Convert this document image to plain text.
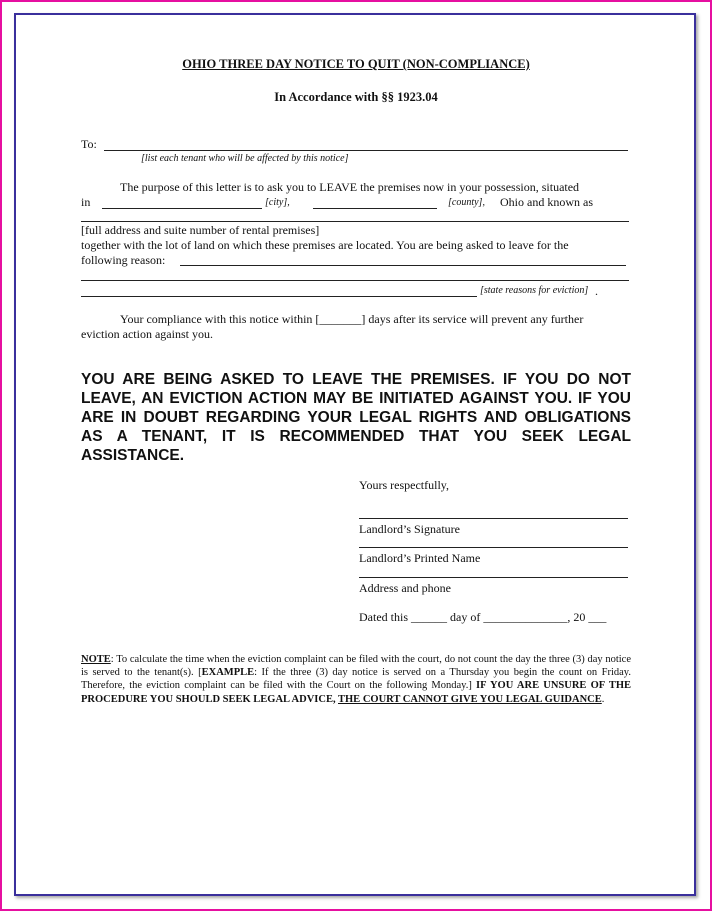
OHIO THREE DAY NOTICE TO QUIT (NON-COMPLIANCE)
In Accordance with §§ 1923.04
To:
[list each tenant who will be affected by this notice]
The purpose of this letter is to ask you to LEAVE the premises now in your possession, situated
in	[city],	[county], Ohio and known as
[full address and suite number of rental premises]
together with the lot of land on which these premises are located. You are being asked to leave for the
following reason:
[state reasons for eviction] .
Your compliance with this notice within [_______] days after its service will prevent any further
eviction action against you.
YOU ARE BEING ASKED TO LEAVE THE PREMISES. IF YOU DO NOT LEAVE, AN EVICTION ACTION MAY BE INITIATED AGAINST YOU. IF YOU ARE IN DOUBT REGARDING YOUR LEGAL RIGHTS AND OBLIGATIONS AS A TENANT, IT IS RECOMMENDED THAT YOU SEEK LEGAL ASSISTANCE.
Yours respectfully,
Landlord’s Signature
Landlord’s Printed Name
Address and phone
Dated this ______ day of ______________, 20 ___
NOTE: To calculate the time when the eviction complaint can be filed with the court, do not count the day the three (3) day notice is served to the tenant(s). [EXAMPLE: If the three (3) day notice is served on a Thursday you begin the count on Friday. Therefore, the eviction complaint can be filed with the Court on the following Monday.] IF YOU ARE UNSURE OF THE PROCEDURE YOU SHOULD SEEK LEGAL ADVICE, THE COURT CANNOT GIVE YOU LEGAL GUIDANCE.
